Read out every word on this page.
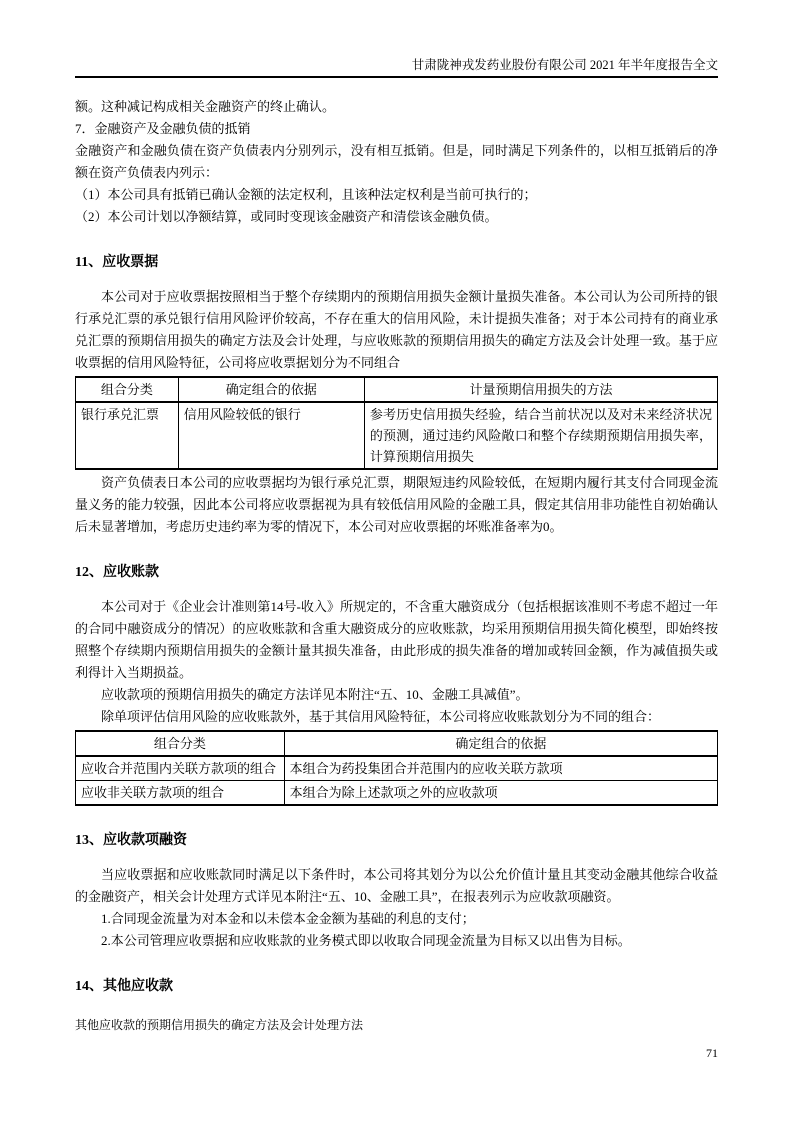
甘肃陇神戎发药业股份有限公司 2021 年半年度报告全文

额。这种减记构成相关金融资产的终止确认。

7．金融资产及金融负债的抵销

金融资产和金融负债在资产负债表内分别列示，没有相互抵销。但是，同时满足下列条件的，以相互抵销后的净额在资产负债表内列示：

（1）本公司具有抵销已确认金额的法定权利，且该种法定权利是当前可执行的；

（2）本公司计划以净额结算，或同时变现该金融资产和清偿该金融负债。

11、应收票据

本公司对于应收票据按照相当于整个存续期内的预期信用损失金额计量损失准备。本公司认为公司所持的银行承兑汇票的承兑银行信用风险评价较高，不存在重大的信用风险，未计提损失准备；对于本公司持有的商业承兑汇票的预期信用损失的确定方法及会计处理，与应收账款的预期信用损失的确定方法及会计处理一致。基于应收票据的信用风险特征，公司将应收票据划分为不同组合

组合分类	确定组合的依据	计量预期信用损失的方法
银行承兑汇票	信用风险较低的银行	参考历史信用损失经验，结合当前状况以及对未来经济状况的预测，通过违约风险敞口和整个存续期预期信用损失率，计算预期信用损失

资产负债表日本公司的应收票据均为银行承兑汇票，期限短违约风险较低，在短期内履行其支付合同现金流量义务的能力较强，因此本公司将应收票据视为具有较低信用风险的金融工具，假定其信用非功能性自初始确认后未显著增加，考虑历史违约率为零的情况下，本公司对应收票据的坏账准备率为0。

12、应收账款

本公司对于《企业会计准则第14号-收入》所规定的，不含重大融资成分（包括根据该准则不考虑不超过一年的合同中融资成分的情况）的应收账款和含重大融资成分的应收账款，均采用预期信用损失简化模型，即始终按照整个存续期内预期信用损失的金额计量其损失准备，由此形成的损失准备的增加或转回金额，作为减值损失或利得计入当期损益。

应收款项的预期信用损失的确定方法详见本附注“五、10、金融工具减值”。

除单项评估信用风险的应收账款外，基于其信用风险特征，本公司将应收账款划分为不同的组合：

组合分类	确定组合的依据
应收合并范围内关联方款项的组合	本组合为药投集团合并范围内的应收关联方款项
应收非关联方款项的组合	本组合为除上述款项之外的应收款项
13、应收款项融资

当应收票据和应收账款同时满足以下条件时，本公司将其划分为以公允价值计量且其变动金融其他综合收益的金融资产，相关会计处理方式详见本附注“五、10、金融工具”，在报表列示为应收款项融资。

1.合同现金流量为对本金和以未偿本金金额为基础的利息的支付；

2.本公司管理应收票据和应收账款的业务模式即以收取合同现金流量为目标又以出售为目标。

14、其他应收款

其他应收款的预期信用损失的确定方法及会计处理方法

71
